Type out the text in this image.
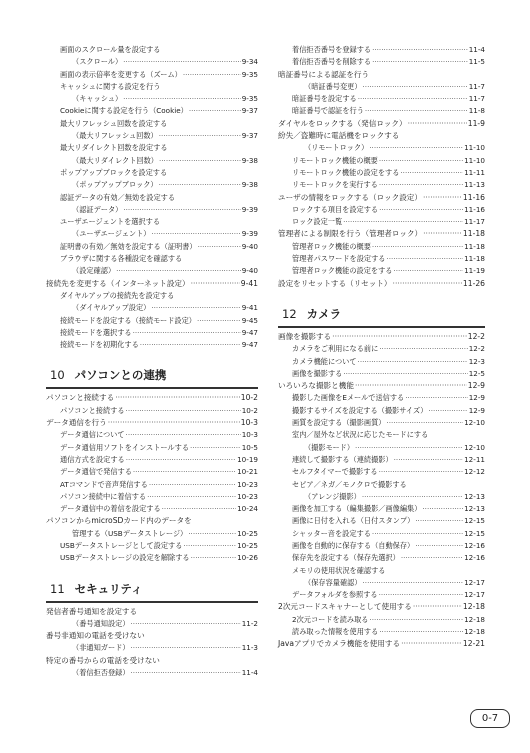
画面のスクロール量を設定する
（スクロール） ·····	9-34
画面の表示倍率を変更する（ズーム） ·····	9-35
キャッシュに関する設定を行う
（キャッシュ） ·····	9-35
Cookieに関する設定を行う（Cookie） ·····	9-37
最大リフレッシュ回数を設定する
（最大リフレッシュ回数） ·····	9-37
最大リダイレクト回数を設定する
（最大リダイレクト回数） ·····	9-38
ポップアップブロックを設定する
（ポップアップブロック） ·····	9-38
認証データの有効／無効を設定する
（認証データ） ·····	9-39
ユーザエージェントを選択する
（ユーザエージェント） ·····	9-39
証明書の有効／無効を設定する（証明書） ·····	9-40
ブラウザに関する各種設定を確認する
（設定確認） ·····	9-40
接続先を変更する（インターネット設定） ·····	9-41
ダイヤルアップの接続先を設定する
（ダイヤルアップ設定） ·····	9-41
接続モードを設定する（接続モード設定） ·····	9-45
接続モードを選択する ·····	9-47
接続モードを初期化する ·····	9-47
10 パソコンとの連携
パソコンと接続する ·····	10-2
パソコンと接続する ·····	10-2
データ通信を行う ·····	10-3
データ通信について ·····	10-3
データ通信用ソフトをインストールする ·····	10-5
通信方式を設定する ·····	10-19
データ通信で発信する ·····	10-21
ATコマンドで音声発信する ·····	10-23
パソコン接続中に着信する ·····	10-23
データ通信中の着信を設定する ·····	10-24
パソコンからmicroSDカード内のデータを
管理する（USBデータストレージ） ·····	10-25
USBデータストレージとして設定する ·····	10-25
USBデータストレージの設定を解除する ·····	10-26
11 セキュリティ
発信者番号通知を設定する
（番号通知設定） ·····	11-2
番号非通知の電話を受けない
（非通知ガード） ·····	11-3
特定の番号からの電話を受けない
（着信拒否登録） ·····	11-4
着信拒否番号を登録する ·····	11-4
着信拒否番号を削除する ·····	11-5
暗証番号による認証を行う
（暗証番号変更） ·····	11-7
暗証番号を設定する ·····	11-7
暗証番号で認証を行う ·····	11-8
ダイヤルをロックする（発信ロック） ·····	11-9
紛失／盗難時に電話機をロックする
（リモートロック） ·····	11-10
リモートロック機能の概要 ·····	11-10
リモートロック機能の設定をする ·····	11-11
リモートロックを実行する ·····	11-13
ユーザの情報をロックする（ロック設定） ·····	11-16
ロックする項目を設定する ·····	11-16
ロック設定一覧 ·····	11-17
管理者による制限を行う（管理者ロック） ·····	11-18
管理者ロック機能の概要 ·····	11-18
管理者パスワードを設定する ·····	11-18
管理者ロック機能の設定をする ·····	11-19
設定をリセットする（リセット） ·····	11-26
12 カメラ
画像を撮影する ·····	12-2
カメラをご利用になる前に ·····	12-2
カメラ機能について ·····	12-3
画像を撮影する ·····	12-5
いろいろな撮影と機能 ·····	12-9
撮影した画像をEメールで送信する ·····	12-9
撮影するサイズを設定する（撮影サイズ） ·····	12-9
画質を設定する（撮影画質） ·····	12-10
室内／屋外など状況に応じたモードにする
（撮影モード） ·····	12-10
連続して撮影する（連続撮影） ·····	12-11
セルフタイマーで撮影する ·····	12-12
セピア／ネガ／モノクロで撮影する
（アレンジ撮影） ·····	12-13
画像を加工する（編集撮影／画像編集） ·····	12-13
画像に日付を入れる（日付スタンプ） ·····	12-15
シャッター音を設定する ·····	12-15
画像を自動的に保存する（自動保存） ·····	12-16
保存先を設定する（保存先選択） ·····	12-16
メモリの使用状況を確認する
（保存容量確認） ·····	12-17
データフォルダを参照する ·····	12-17
2次元コードスキャナーとして使用する ·····	12-18
2次元コードを読み取る ·····	12-18
読み取った情報を使用する ·····	12-18
Javaアプリでカメラ機能を使用する ·····	12-21
0-7
